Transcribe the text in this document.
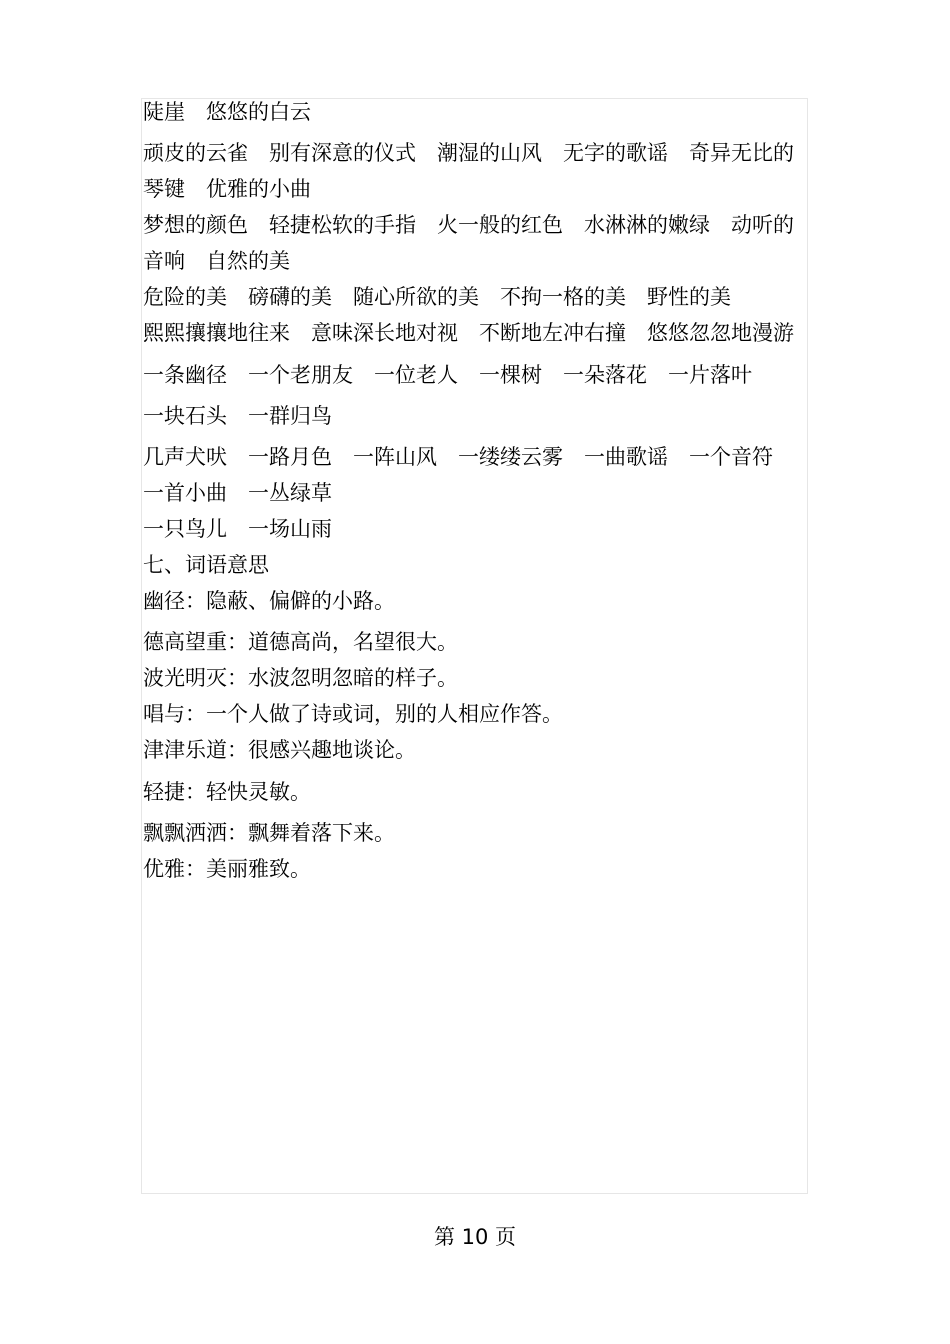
陡崖　悠悠的白云

顽皮的云雀　别有深意的仪式　潮湿的山风　无字的歌谣　奇异无比的琴键　优雅的小曲

梦想的颜色　轻捷松软的手指　火一般的红色　水淋淋的嫩绿　动听的音响　自然的美

危险的美　磅礴的美　随心所欲的美　不拘一格的美　野性的美

熙熙攘攘地往来　意味深长地对视　不断地左冲右撞　悠悠忽忽地漫游

一条幽径　一个老朋友　一位老人　一棵树　一朵落花　一片落叶

一块石头　一群归鸟

几声犬吠　一路月色　一阵山风　一缕缕云雾　一曲歌谣　一个音符　一首小曲　一丛绿草

一只鸟儿　一场山雨

七、词语意思

幽径：隐蔽、偏僻的小路。

德高望重：道德高尚，名望很大。

波光明灭：水波忽明忽暗的样子。

唱与：一个人做了诗或词，别的人相应作答。

津津乐道：很感兴趣地谈论。

轻捷：轻快灵敏。

飘飘洒洒：飘舞着落下来。

优雅：美丽雅致。

第 10 页
